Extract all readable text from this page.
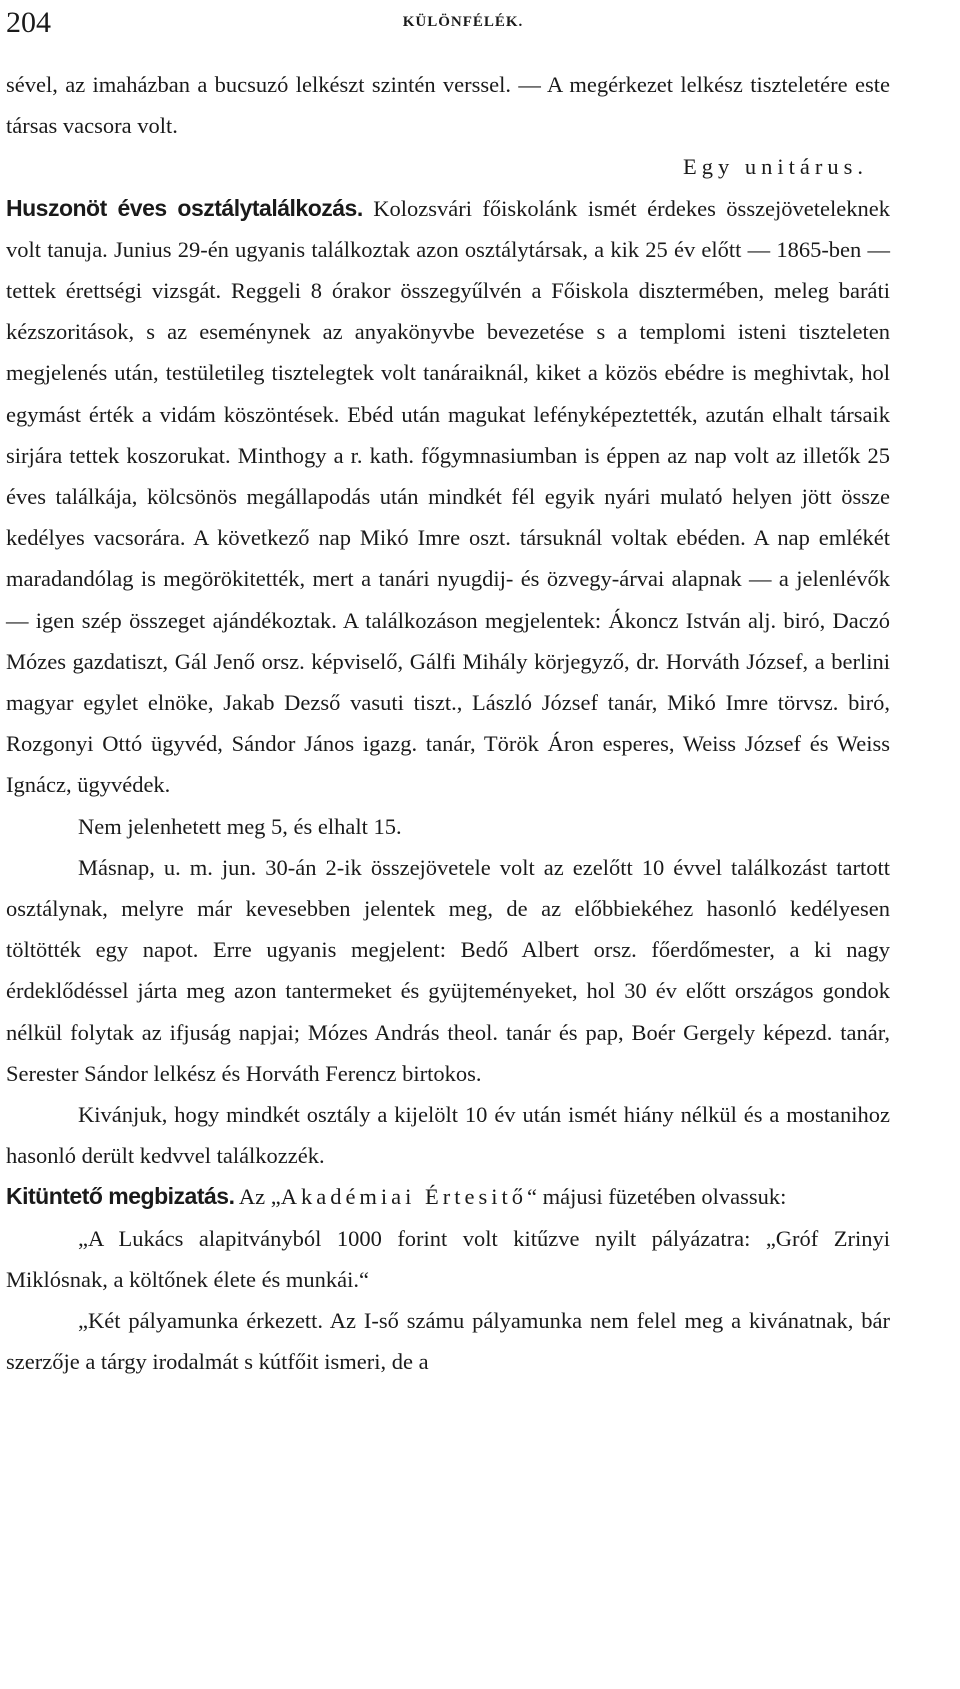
204	KÜLÖNFÉLÉK.

sével, az imaházban a bucsuzó lelkészt szintén verssel. — A megérkezet lelkész tiszteletére este társas vacsora volt.

Egy unitárus.

Huszonöt éves osztálytalálkozás. Kolozsvári főiskolánk ismét érdekes összejöveteleknek volt tanuja. Junius 29-én ugyanis találkoztak azon osztálytársak, a kik 25 év előtt — 1865-ben — tettek érettségi vizsgát. Reggeli 8 órakor összegyűlvén a Főiskola disztermében, meleg baráti kézszoritások, s az eseménynek az anyakönyvbe bevezetése s a templomi isteni tiszteleten megjelenés után, testületileg tisztelegtek volt tanáraiknál, kiket a közös ebédre is meghivtak, hol egymást érték a vidám köszöntések. Ebéd után magukat lefényképeztették, azután elhalt társaik sirjára tettek koszorukat. Minthogy a r. kath. főgymnasiumban is éppen az nap volt az illetők 25 éves találkája, kölcsönös megállapodás után mindkét fél egyik nyári mulató helyen jött össze kedélyes vacsorára. A következő nap Mikó Imre oszt. társuknál voltak ebéden. A nap emlékét maradandólag is megörökitették, mert a tanári nyugdij- és özvegy-árvai alapnak — a jelenlévők — igen szép összeget ajándékoztak. A találkozáson megjelentek: Ákoncz István alj. biró, Daczó Mózes gazdatiszt, Gál Jenő orsz. képviselő, Gálfi Mihály körjegyző, dr. Horváth József, a berlini magyar egylet elnöke, Jakab Dezső vasuti tiszt., László József tanár, Mikó Imre törvsz. biró, Rozgonyi Ottó ügyvéd, Sándor János igazg. tanár, Török Áron esperes, Weiss József és Weiss Ignácz, ügyvédek.

Nem jelenhetett meg 5, és elhalt 15.

Másnap, u. m. jun. 30-án 2-ik összejövetele volt az ezelőtt 10 évvel találkozást tartott osztálynak, melyre már kevesebben jelentek meg, de az előbbiekéhez hasonló kedélyesen töltötték egy napot. Erre ugyanis megjelent: Bedő Albert orsz. főerdőmester, a ki nagy érdeklődéssel járta meg azon tantermeket és gyüjteményeket, hol 30 év előtt országos gondok nélkül folytak az ifjuság napjai; Mózes András theol. tanár és pap, Boér Gergely képezd. tanár, Serester Sándor lelkész és Horváth Ferencz birtokos.

Kivánjuk, hogy mindkét osztály a kijelölt 10 év után ismét hiány nélkül és a mostanihoz hasonló derült kedvvel találkozzék.

Kitüntető megbizatás. Az „Akadémiai Értesitő“ májusi füzetében olvassuk:

„A Lukács alapitványból 1000 forint volt kitűzve nyilt pályázatra: „Gróf Zrinyi Miklósnak, a költőnek élete és munkái.“

„Két pályamunka érkezett. Az I-ső számu pályamunka nem felel meg a kivánatnak, bár szerzője a tárgy irodalmát s kútfőit ismeri, de a
